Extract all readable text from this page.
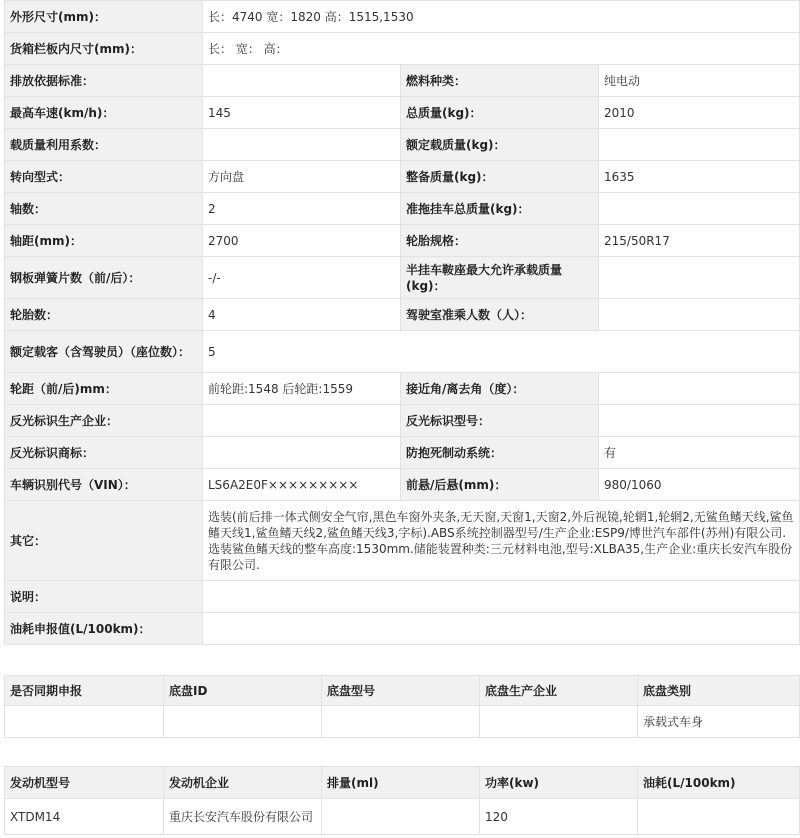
外形尺寸(mm)：	长：4740 宽：1820 高：1515,1530		
货箱栏板内尺寸(mm)：	长： 宽： 高：		
排放依据标准：		燃料种类：	纯电动
最高车速(km/h)：	145	总质量(kg)：	2010
载质量利用系数：		额定载质量(kg)：	
转向型式：	方向盘	整备质量(kg)：	1635
轴数：	2	准拖挂车总质量(kg)：	
轴距(mm)：	2700	轮胎规格：	215/50R17
钢板弹簧片数（前/后）：	-/-	半挂车鞍座最大允许承载质量(kg)：	
轮胎数：	4	驾驶室准乘人数（人）：	
额定载客（含驾驶员）（座位数）：	5		
轮距（前/后)mm：	前轮距:1548 后轮距:1559	接近角/离去角（度）：	
反光标识生产企业：		反光标识型号：	
反光标识商标：		防抱死制动系统：	有
车辆识别代号（VIN）：	LS6A2E0F×××××××××	前悬/后悬(mm)：	980/1060
其它：	选装(前后排一体式侧安全气帘,黑色车窗外夹条,无天窗,天窗1,天窗2,外后视镜,轮辋1,轮辋2,无鲨鱼鳍天线,鲨鱼鳍天线1,鲨鱼鳍天线2,鲨鱼鳍天线3,字标).ABS系统控制器型号/生产企业:ESP9/博世汽车部件(苏州)有限公司.选装鲨鱼鳍天线的整车高度:1530mm.储能装置种类:三元材料电池,型号:XLBA35,生产企业:重庆长安汽车股份有限公司.		
说明：			
油耗申报值(L/100km)：			
是否同期申报	底盘ID	底盘型号	底盘生产企业	底盘类别
				承载式车身
发动机型号	发动机企业	排量(ml)	功率(kw)	油耗(L/100km)
XTDM14	重庆长安汽车股份有限公司		120	
